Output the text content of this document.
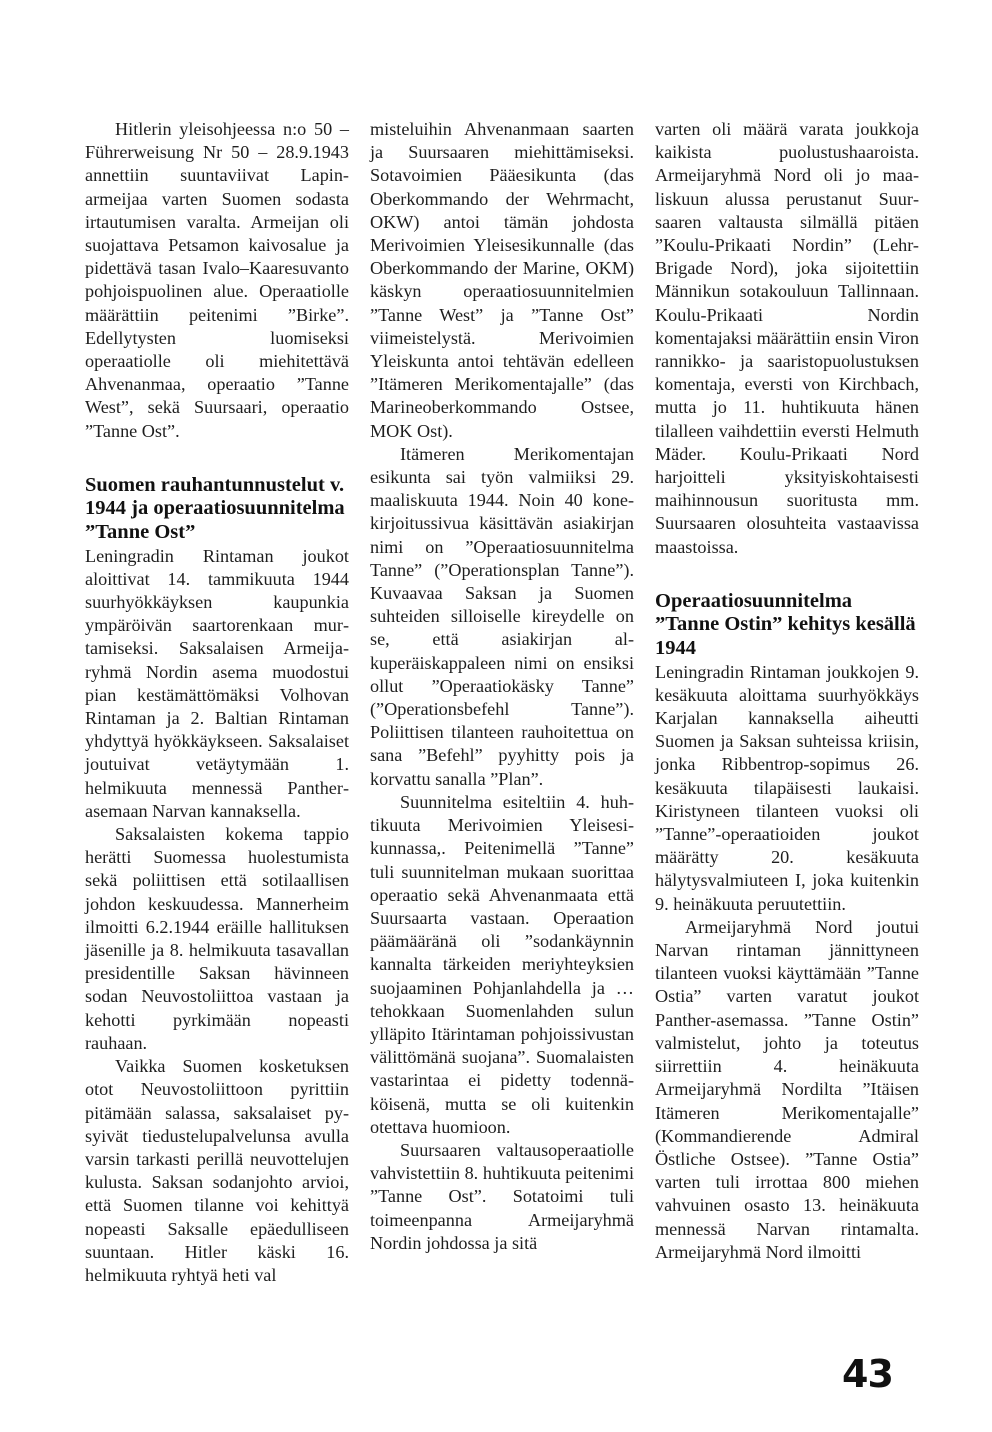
Hitlerin yleisohjeessa n:o 50 – Führerweisung Nr 50 – 28.9.1943 annettiin suuntaviivat Lapin-armeijaa varten Suomen sodasta irtautumisen varalta. Armeijan oli suojattava Petsamon kaivosalue ja pidettävä tasan Ivalo–Kaaresuvanto pohjoispuolinen alue. Operaatiolle määrättiin peitenimi ”Birke”. Edellytysten luomiseksi operaatiolle oli miehitettävä Ahvenanmaa, operaatio ”Tanne West”, sekä Suursaari, operaatio ”Tanne Ost”.

Suomen rauhantunnustelut v. 1944 ja operaatiosuunnitelma ”Tanne Ost”

Leningradin Rintaman joukot aloittivat 14. tammikuuta 1944 suurhyökkäyksen kaupunkia ympäröivän saartorenkaan murtamiseksi. Saksalaisen Armeijaryhmä Nordin asema muodostui pian kestämättömäksi Volhovan Rintaman ja 2. Baltian Rintaman yhdyttyä hyökkäykseen. Saksalaiset joutuivat vetäytymään 1. helmikuuta mennessä Pantherasemaan Narvan kannaksella.

Saksalaisten kokema tappio herätti Suomessa huolestumista sekä poliittisen että sotilaallisen johdon keskuudessa. Mannerheim ilmoitti 6.2.1944 eräille hallituksen jäsenille ja 8. helmikuuta tasavallan presidentille Saksan hävinneen sodan Neuvostoliittoa vastaan ja kehotti pyrkimään nopeasti rauhaan.

Vaikka Suomen kosketuksen otot Neuvostoliittoon pyrittiin pitämään salassa, saksalaiset pysyivät tiedustelupalvelunsa avulla varsin tarkasti perillä neuvottelujen kulusta. Saksan sodanjohto arvioi, että Suomen tilanne voi kehittyä nopeasti Saksalle epäedulliseen suuntaan. Hitler käski 16. helmikuuta ryhtyä heti val

misteluihin Ahvenanmaan saarten ja Suursaaren miehittämiseksi. Sotavoimien Pääesikunta (das Oberkommando der Wehrmacht, OKW) antoi tämän johdosta Merivoimien Yleisesikunnalle (das Oberkommando der Marine, OKM) käskyn operaatiosuunnitelmien ”Tanne West” ja ”Tanne Ost” viimeistelystä. Merivoimien Yleiskunta antoi tehtävän edelleen ”Itämeren Merikomentajalle” (das Marineoberkommando Ostsee, MOK Ost).

Itämeren Merikomentajan esikunta sai työn valmiiksi 29. maaliskuuta 1944. Noin 40 konekirjoitussivua käsittävän asiakirjan nimi on ”Operaatiosuunnitelma Tanne” (”Operationsplan Tanne”). Kuvaavaa Saksan ja Suomen suhteiden silloiselle kireydelle on se, että asiakirjan alkuperäiskappaleen nimi on ensiksi ollut ”Operaatiokäsky Tanne” (”Operationsbefehl Tanne”). Poliittisen tilanteen rauhoitettua on sana ”Befehl” pyyhitty pois ja korvattu sanalla ”Plan”.

Suunnitelma esiteltiin 4. huhtikuuta Merivoimien Yleisesikunnassa,. Peitenimellä ”Tanne” tuli suunnitelman mukaan suorittaa operaatio sekä Ahvenanmaata että Suursaarta vastaan. Operaation päämääränä oli ”sodankäynnin kannalta tärkeiden meriyhteyksien suojaaminen Pohjanlahdella ja … tehokkaan Suomenlahden sulun ylläpito Itärintaman pohjoissivustan välittömänä suojana”. Suomalaisten vastarintaa ei pidetty todennäköisenä, mutta se oli kuitenkin otettava huomioon.

Suursaaren valtausoperaatiolle vahvistettiin 8. huhtikuuta peitenimi ”Tanne Ost”. Sotatoimi tuli toimeenpanna Armeijaryhmä Nordin johdossa ja sitä

varten oli määrä varata joukkoja kaikista puolustushaaroista. Armeijaryhmä Nord oli jo maaliskuun alussa perustanut Suursaaren valtausta silmällä pitäen ”Koulu-Prikaati Nordin” (Lehr-Brigade Nord), joka sijoitettiin Männikun sotakouluun Tallinnaan. Koulu-Prikaati Nordin komentajaksi määrättiin ensin Viron rannikko- ja saaristopuolustuksen komentaja, eversti von Kirchbach, mutta jo 11. huhtikuuta hänen tilalleen vaihdettiin eversti Helmuth Mäder. Koulu-Prikaati Nord harjoitteli yksityiskohtaisesti maihinnousun suoritusta mm. Suursaaren olosuhteita vastaavissa maastoissa.

Operaatiosuunnitelma ”Tanne Ostin” kehitys kesällä 1944

Leningradin Rintaman joukkojen 9. kesäkuuta aloittama suurhyökkäys Karjalan kannaksella aiheutti Suomen ja Saksan suhteissa kriisin, jonka Ribbentrop-sopimus 26. kesäkuuta tilapäisesti laukaisi. Kiristyneen tilanteen vuoksi oli ”Tanne”-operaatioiden joukot määrätty 20. kesäkuuta hälytysvalmiuteen I, joka kuitenkin 9. heinäkuuta peruutettiin.

Armeijaryhmä Nord joutui Narvan rintaman jännittyneen tilanteen vuoksi käyttämään ”Tanne Ostia” varten varatut joukot Panther-asemassa. ”Tanne Ostin” valmistelut, johto ja toteutus siirrettiin 4. heinäkuuta Armeijaryhmä Nordilta ”Itäisen Itämeren Merikomentajalle” (Kommandierende Admiral Östliche Ostsee). ”Tanne Ostia” varten tuli irrottaa 800 miehen vahvuinen osasto 13. heinäkuuta mennessä Narvan rintamalta. Armeijaryhmä Nord ilmoitti

43
